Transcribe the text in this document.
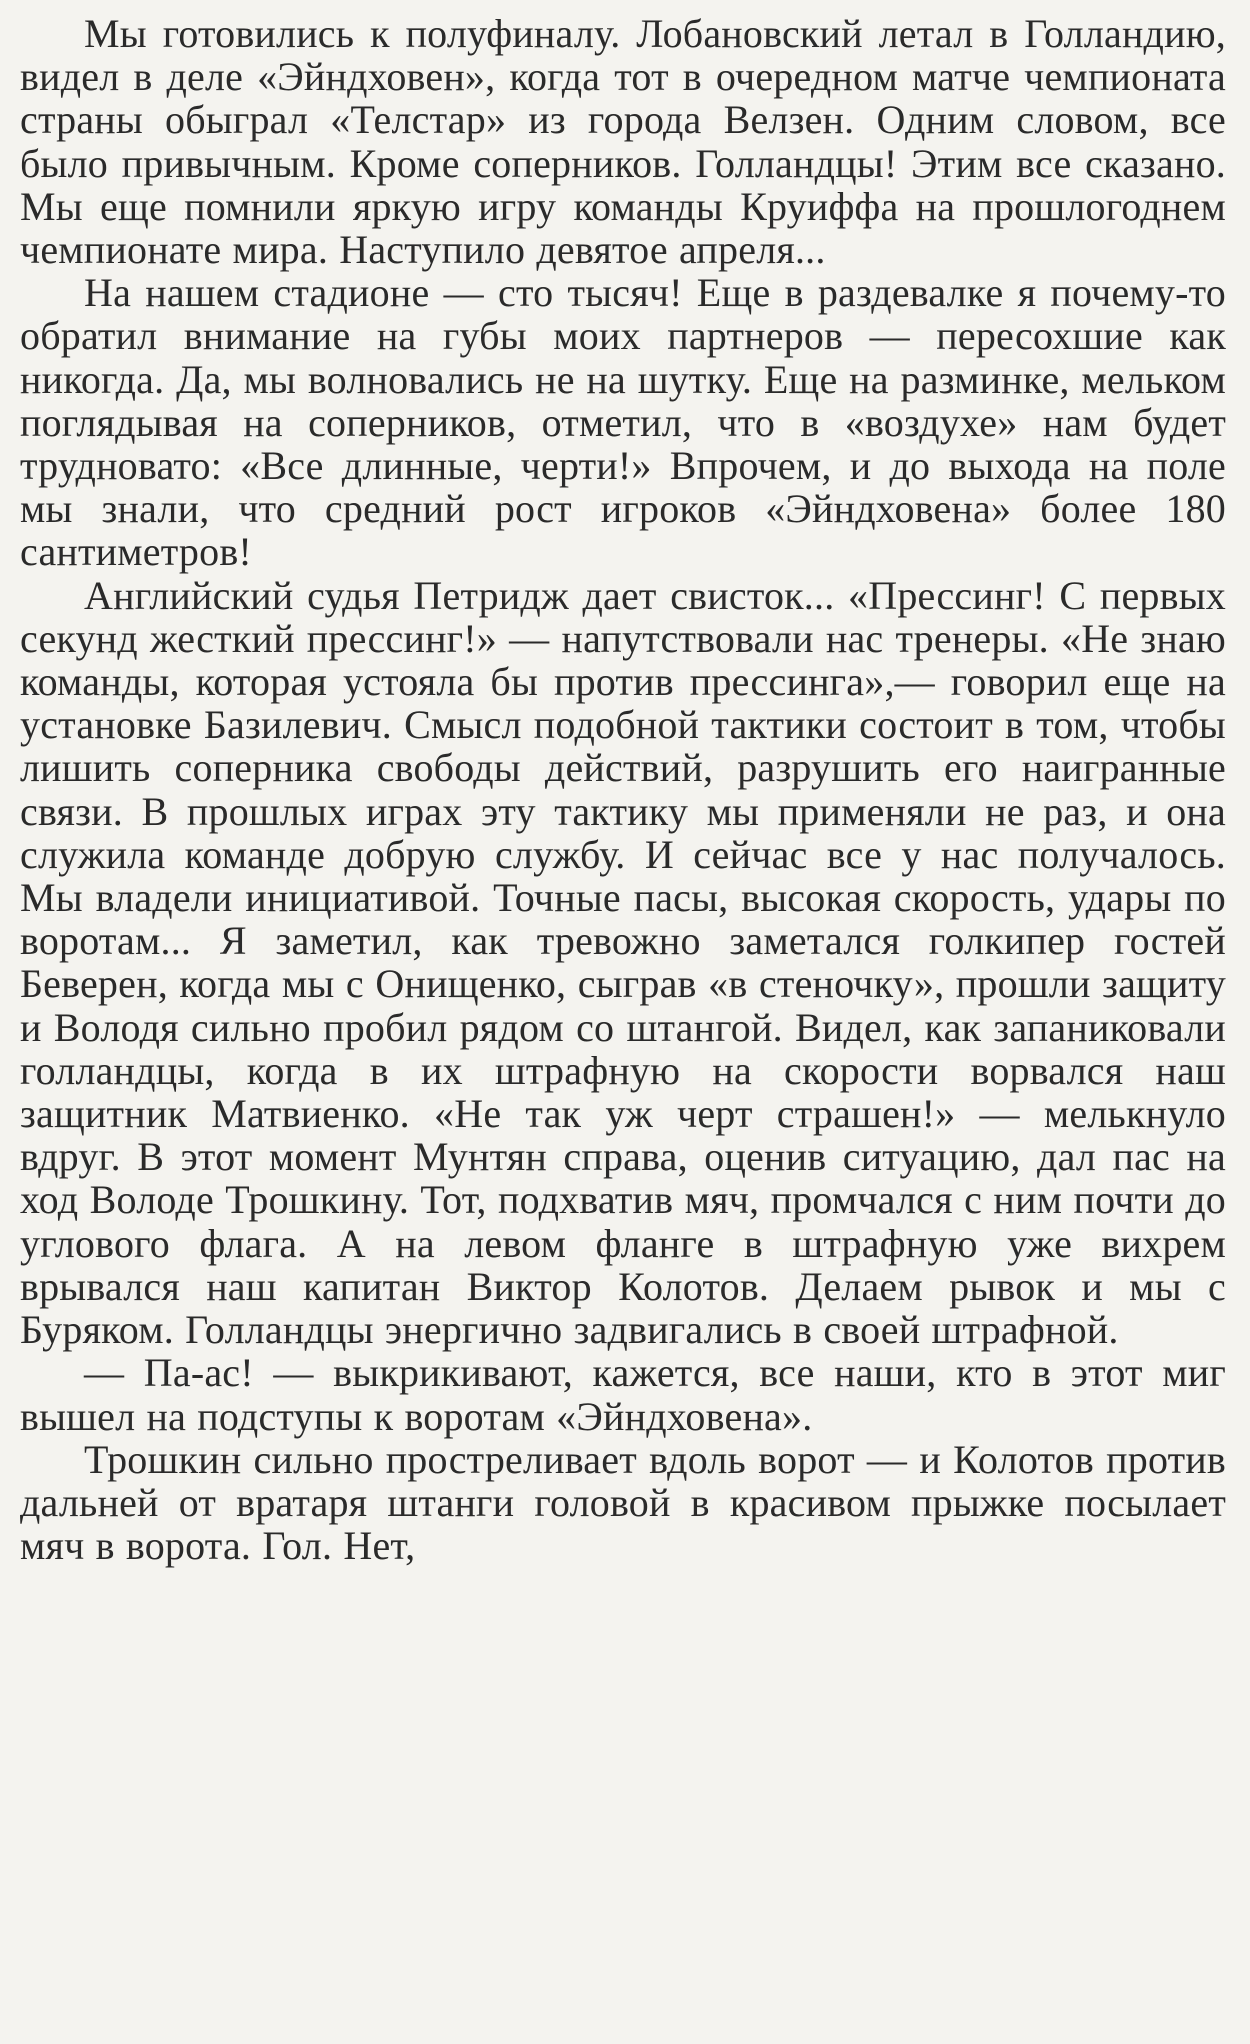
Мы готовились к полуфиналу. Лобановский летал в Голландию, видел в деле «Эйндховен», когда тот в очередном матче чемпионата страны обыграл «Телстар» из города Велзен. Одним словом, все было привычным. Кроме соперников. Голландцы! Этим все сказано. Мы еще помнили яркую игру команды Круиффа на прошлогоднем чемпионате мира. Наступило девятое апреля...

На нашем стадионе — сто тысяч! Еще в раздевалке я почему-то обратил внимание на губы моих партнеров — пересохшие как никогда. Да, мы волновались не на шутку. Еще на разминке, мельком поглядывая на соперников, отметил, что в «воздухе» нам будет трудновато: «Все длинные, черти!» Впрочем, и до выхода на поле мы знали, что средний рост игроков «Эйндховена» более 180 сантиметров!

Английский судья Петридж дает свисток... «Прессинг! С первых секунд жесткий прессинг!» — напутствовали нас тренеры. «Не знаю команды, которая устояла бы против прессинга»,— говорил еще на установке Базилевич. Смысл подобной тактики состоит в том, чтобы лишить соперника свободы действий, разрушить его наигранные связи. В прошлых играх эту тактику мы применяли не раз, и она служила команде добрую службу. И сейчас все у нас получалось. Мы владели инициативой. Точные пасы, высокая скорость, удары по воротам... Я заметил, как тревожно заметался голкипер гостей Беверен, когда мы с Онищенко, сыграв «в стеночку», прошли защиту и Володя сильно пробил рядом со штангой. Видел, как запаниковали голландцы, когда в их штрафную на скорости ворвался наш защитник Матвиенко. «Не так уж черт страшен!» — мелькнуло вдруг. В этот момент Мунтян справа, оценив ситуацию, дал пас на ход Володе Трошкину. Тот, подхватив мяч, промчался с ним почти до углового флага. А на левом фланге в штрафную уже вихрем врывался наш капитан Виктор Колотов. Делаем рывок и мы с Буряком. Голландцы энергично задвигались в своей штрафной.

— Па-ас! — выкрикивают, кажется, все наши, кто в этот миг вышел на подступы к воротам «Эйндховена».

Трошкин сильно простреливает вдоль ворот — и Колотов против дальней от вратаря штанги головой в красивом прыжке посылает мяч в ворота. Гол. Нет,
